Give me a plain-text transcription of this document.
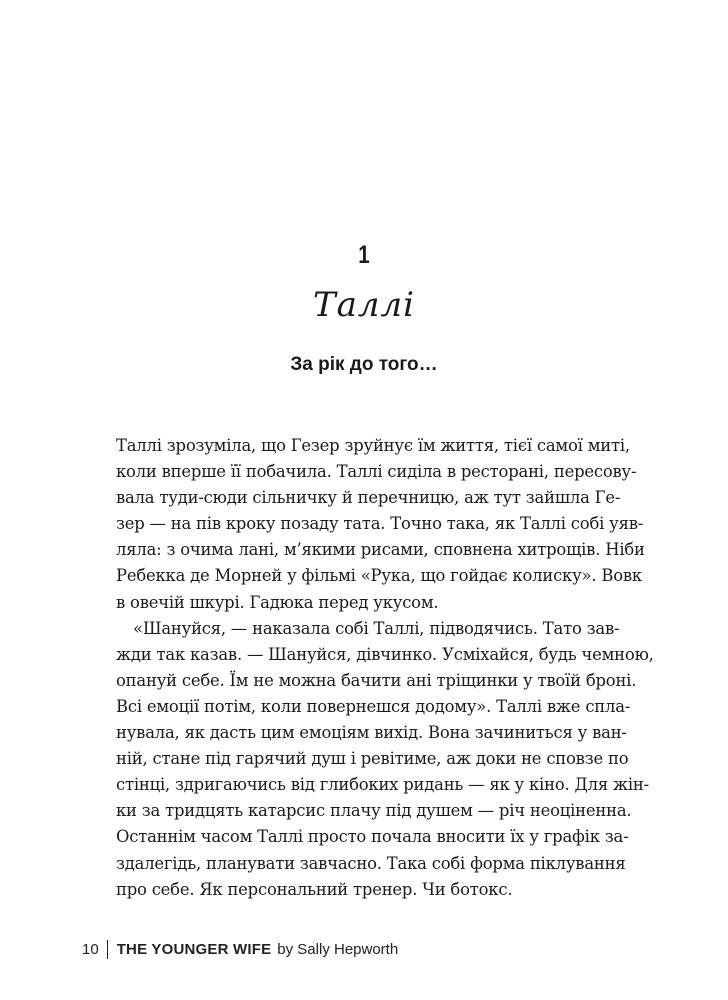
1
Таллі
За рік до того…

Таллі зрозуміла, що Гезер зруйнує їм життя, тієї самої миті,

коли вперше її побачила. Таллі сиділа в ресторані, пересову-

вала туди-сюди сільничку й перечницю, аж тут зайшла Ге-

зер — на пів кроку позаду тата. Точно така, як Таллі собі уяв-

ляла: з очима лані, м’якими рисами, сповнена хитрощів. Ніби

Ребекка де Морней у фільмі «Рука, що гойдає колиску». Вовк

в овечій шкурі. Гадюка перед укусом.

«Шануйся, — наказала собі Таллі, підводячись. Тато зав-

жди так казав. — Шануйся, дівчинко. Усміхайся, будь чемною,

опануй себе. Їм не можна бачити ані тріщинки у твоїй броні.

Всі емоції потім, коли повернешся додому». Таллі вже спла-

нувала, як дасть цим емоціям вихід. Вона зачиниться у ван-

ній, стане під гарячий душ і ревітиме, аж доки не сповзе по

стінці, здригаючись від глибоких ридань — як у кіно. Для жін-

ки за тридцять катарсис плачу під душем — річ неоціненна.

Останнім часом Таллі просто почала вносити їх у графік за-

здалегідь, планувати завчасно. Така собі форма піклування

про себе. Як персональний тренер. Чи ботокс.

10 THE YOUNGER WIFE by Sally Hepworth
